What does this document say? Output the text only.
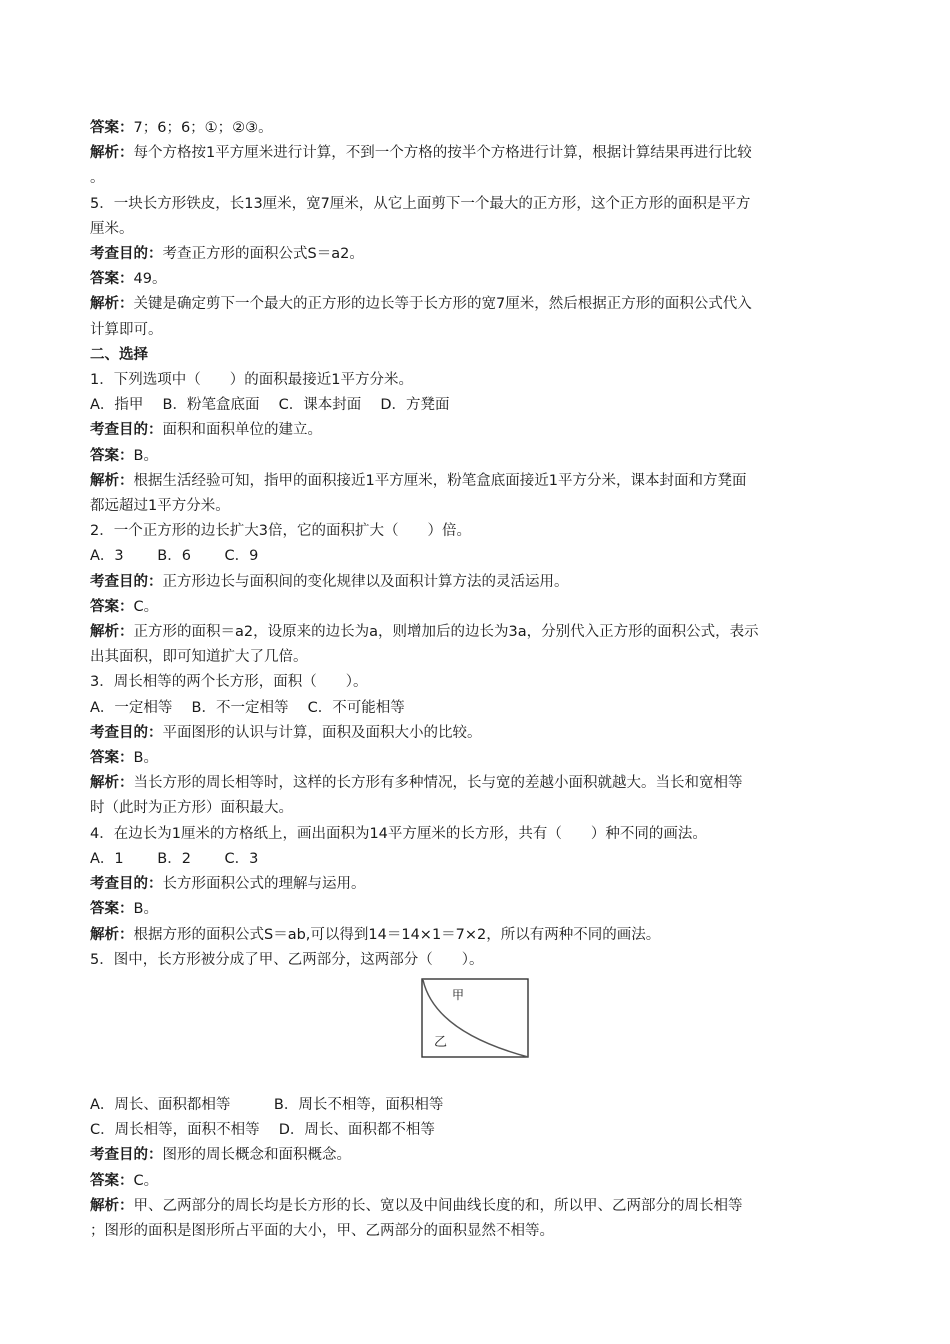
答案：7；6；6；①；②③。
解析：每个方格按1平方厘米进行计算，不到一个方格的按半个方格进行计算，根据计算结果再进行比较
。
5．一块长方形铁皮，长13厘米，宽7厘米，从它上面剪下一个最大的正方形，这个正方形的面积是平方
厘米。
考查目的：考查正方形的面积公式S＝a2。
答案：49。
解析：关键是确定剪下一个最大的正方形的边长等于长方形的宽7厘米，然后根据正方形的面积公式代入
计算即可。
二、选择
1．下列选项中（　　）的面积最接近1平方分米。
A．指甲　 B．粉笔盒底面　 C．课本封面　 D．方凳面
考查目的：面积和面积单位的建立。
答案：B。
解析：根据生活经验可知，指甲的面积接近1平方厘米，粉笔盒底面接近1平方分米，课本封面和方凳面
都远超过1平方分米。
2．一个正方形的边长扩大3倍，它的面积扩大（　　）倍。
A．3　　 B．6　　 C．9
考查目的：正方形边长与面积间的变化规律以及面积计算方法的灵活运用。
答案：C。
解析：正方形的面积＝a2，设原来的边长为a，则增加后的边长为3a，分别代入正方形的面积公式，表示
出其面积，即可知道扩大了几倍。
3．周长相等的两个长方形，面积（　　）。
A．一定相等　 B．不一定相等　 C．不可能相等
考查目的：平面图形的认识与计算，面积及面积大小的比较。
答案：B。
解析：当长方形的周长相等时，这样的长方形有多种情况，长与宽的差越小面积就越大。当长和宽相等
时（此时为正方形）面积最大。
4．在边长为1厘米的方格纸上，画出面积为14平方厘米的长方形，共有（　　）种不同的画法。
A．1　　 B．2　　 C．3
考查目的：长方形面积公式的理解与运用。
答案：B。
解析：根据方形的面积公式S＝ab,可以得到14＝14×1＝7×2，所以有两种不同的画法。
5．图中，长方形被分成了甲、乙两部分，这两部分（　　）。
甲
乙
A．周长、面积都相等　　　B．周长不相等，面积相等
C．周长相等，面积不相等　 D．周长、面积都不相等
考查目的：图形的周长概念和面积概念。
答案：C。
解析：甲、乙两部分的周长均是长方形的长、宽以及中间曲线长度的和，所以甲、乙两部分的周长相等
；图形的面积是图形所占平面的大小，甲、乙两部分的面积显然不相等。
